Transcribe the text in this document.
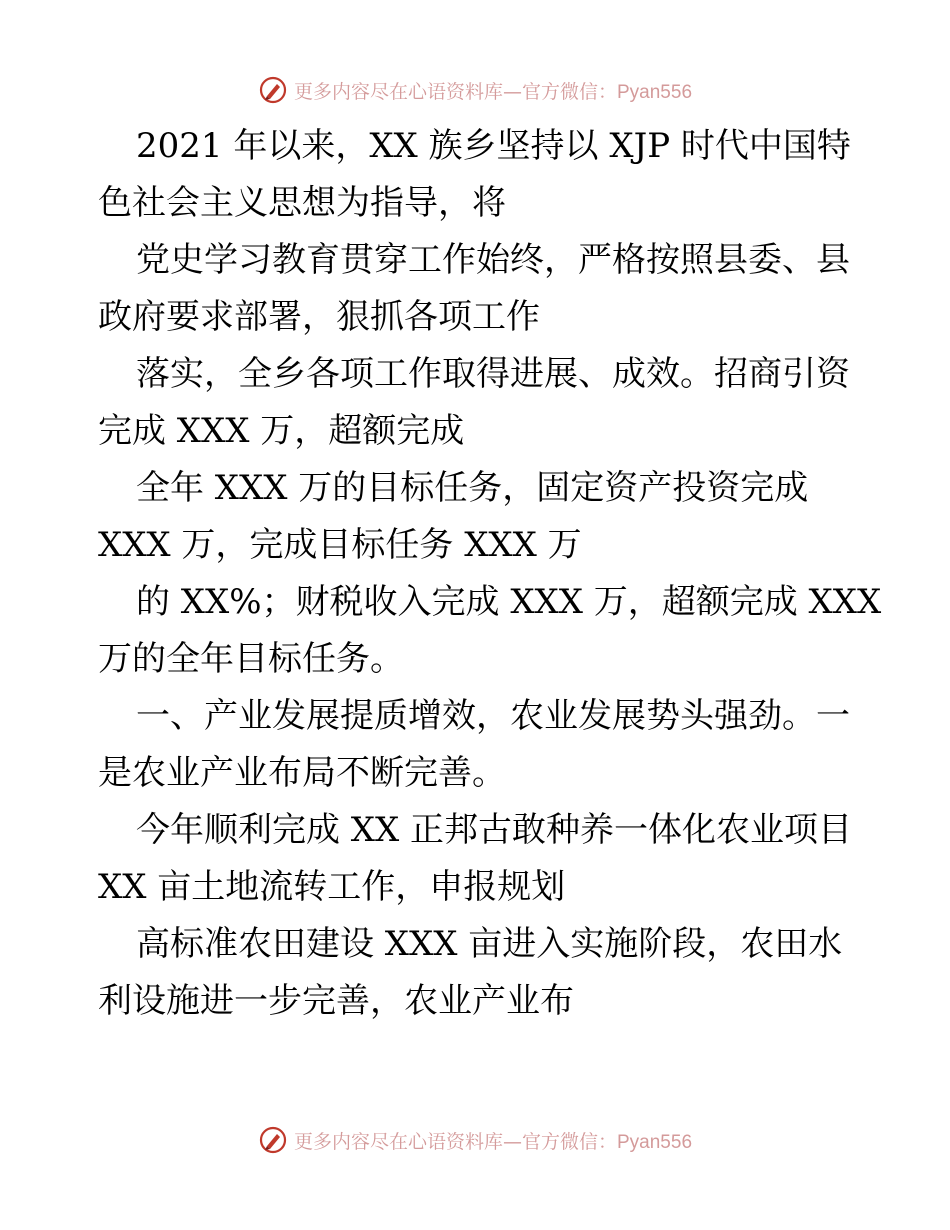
更多内容尽在心语资料库—官方微信：Pyan556

2021 年以来，XX 族乡坚持以 XJP 时代中国特
色社会主义思想为指导，将

党史学习教育贯穿工作始终，严格按照县委、县
政府要求部署，狠抓各项工作

落实，全乡各项工作取得进展、成效。招商引资
完成 XXX 万，超额完成

全年 XXX 万的目标任务，固定资产投资完成
XXX 万，完成目标任务 XXX 万

的 XX%；财税收入完成 XXX 万，超额完成 XXX
万的全年目标任务。

一、产业发展提质增效，农业发展势头强劲。一
是农业产业布局不断完善。

今年顺利完成 XX 正邦古敢种养一体化农业项目
XX 亩土地流转工作，申报规划

高标准农田建设 XXX 亩进入实施阶段，农田水
利设施进一步完善，农业产业布

更多内容尽在心语资料库—官方微信：Pyan556
